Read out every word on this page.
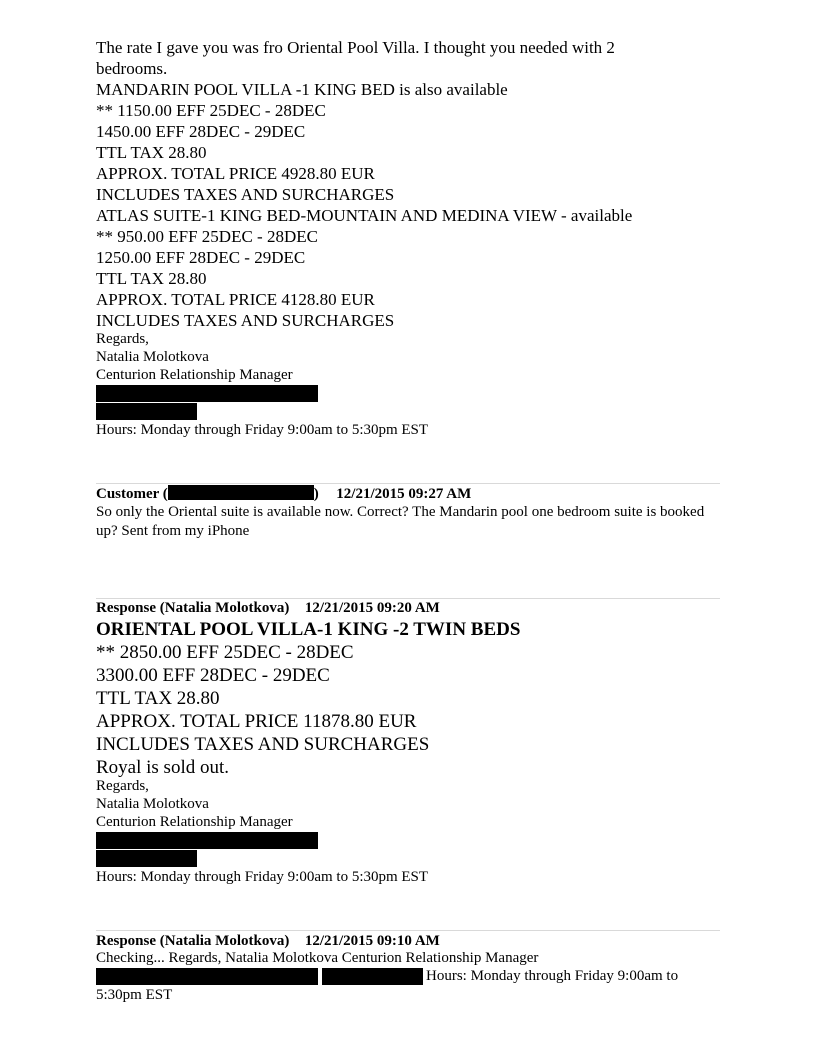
The rate I gave you was fro Oriental Pool Villa. I thought you needed with 2
bedrooms.
MANDARIN POOL VILLA -1 KING BED is also available
** 1150.00 EFF 25DEC - 28DEC
1450.00 EFF 28DEC - 29DEC
TTL TAX 28.80
APPROX. TOTAL PRICE 4928.80 EUR
INCLUDES TAXES AND SURCHARGES
ATLAS SUITE-1 KING BED-MOUNTAIN AND MEDINA VIEW - available
** 950.00 EFF 25DEC - 28DEC
1250.00 EFF 28DEC - 29DEC
TTL TAX 28.80
APPROX. TOTAL PRICE 4128.80 EUR
INCLUDES TAXES AND SURCHARGES
Regards,
Natalia Molotkova
Centurion Relationship Manager
Hours: Monday through Friday 9:00am to 5:30pm EST
Customer (	) 12/21/2015 09:27 AM
So only the Oriental suite is available now. Correct? The Mandarin pool one bedroom suite is booked up? Sent from my iPhone
Response (Natalia Molotkova) 12/21/2015 09:20 AM
ORIENTAL POOL VILLA-1 KING -2 TWIN BEDS
** 2850.00 EFF 25DEC - 28DEC
3300.00 EFF 28DEC - 29DEC
TTL TAX 28.80
APPROX. TOTAL PRICE 11878.80 EUR
INCLUDES TAXES AND SURCHARGES
Royal is sold out.
Regards,
Natalia Molotkova
Centurion Relationship Manager
Hours: Monday through Friday 9:00am to 5:30pm EST
Response (Natalia Molotkova) 12/21/2015 09:10 AM
Checking... Regards, Natalia Molotkova Centurion Relationship Manager
Hours: Monday through Friday 9:00am to
5:30pm EST
